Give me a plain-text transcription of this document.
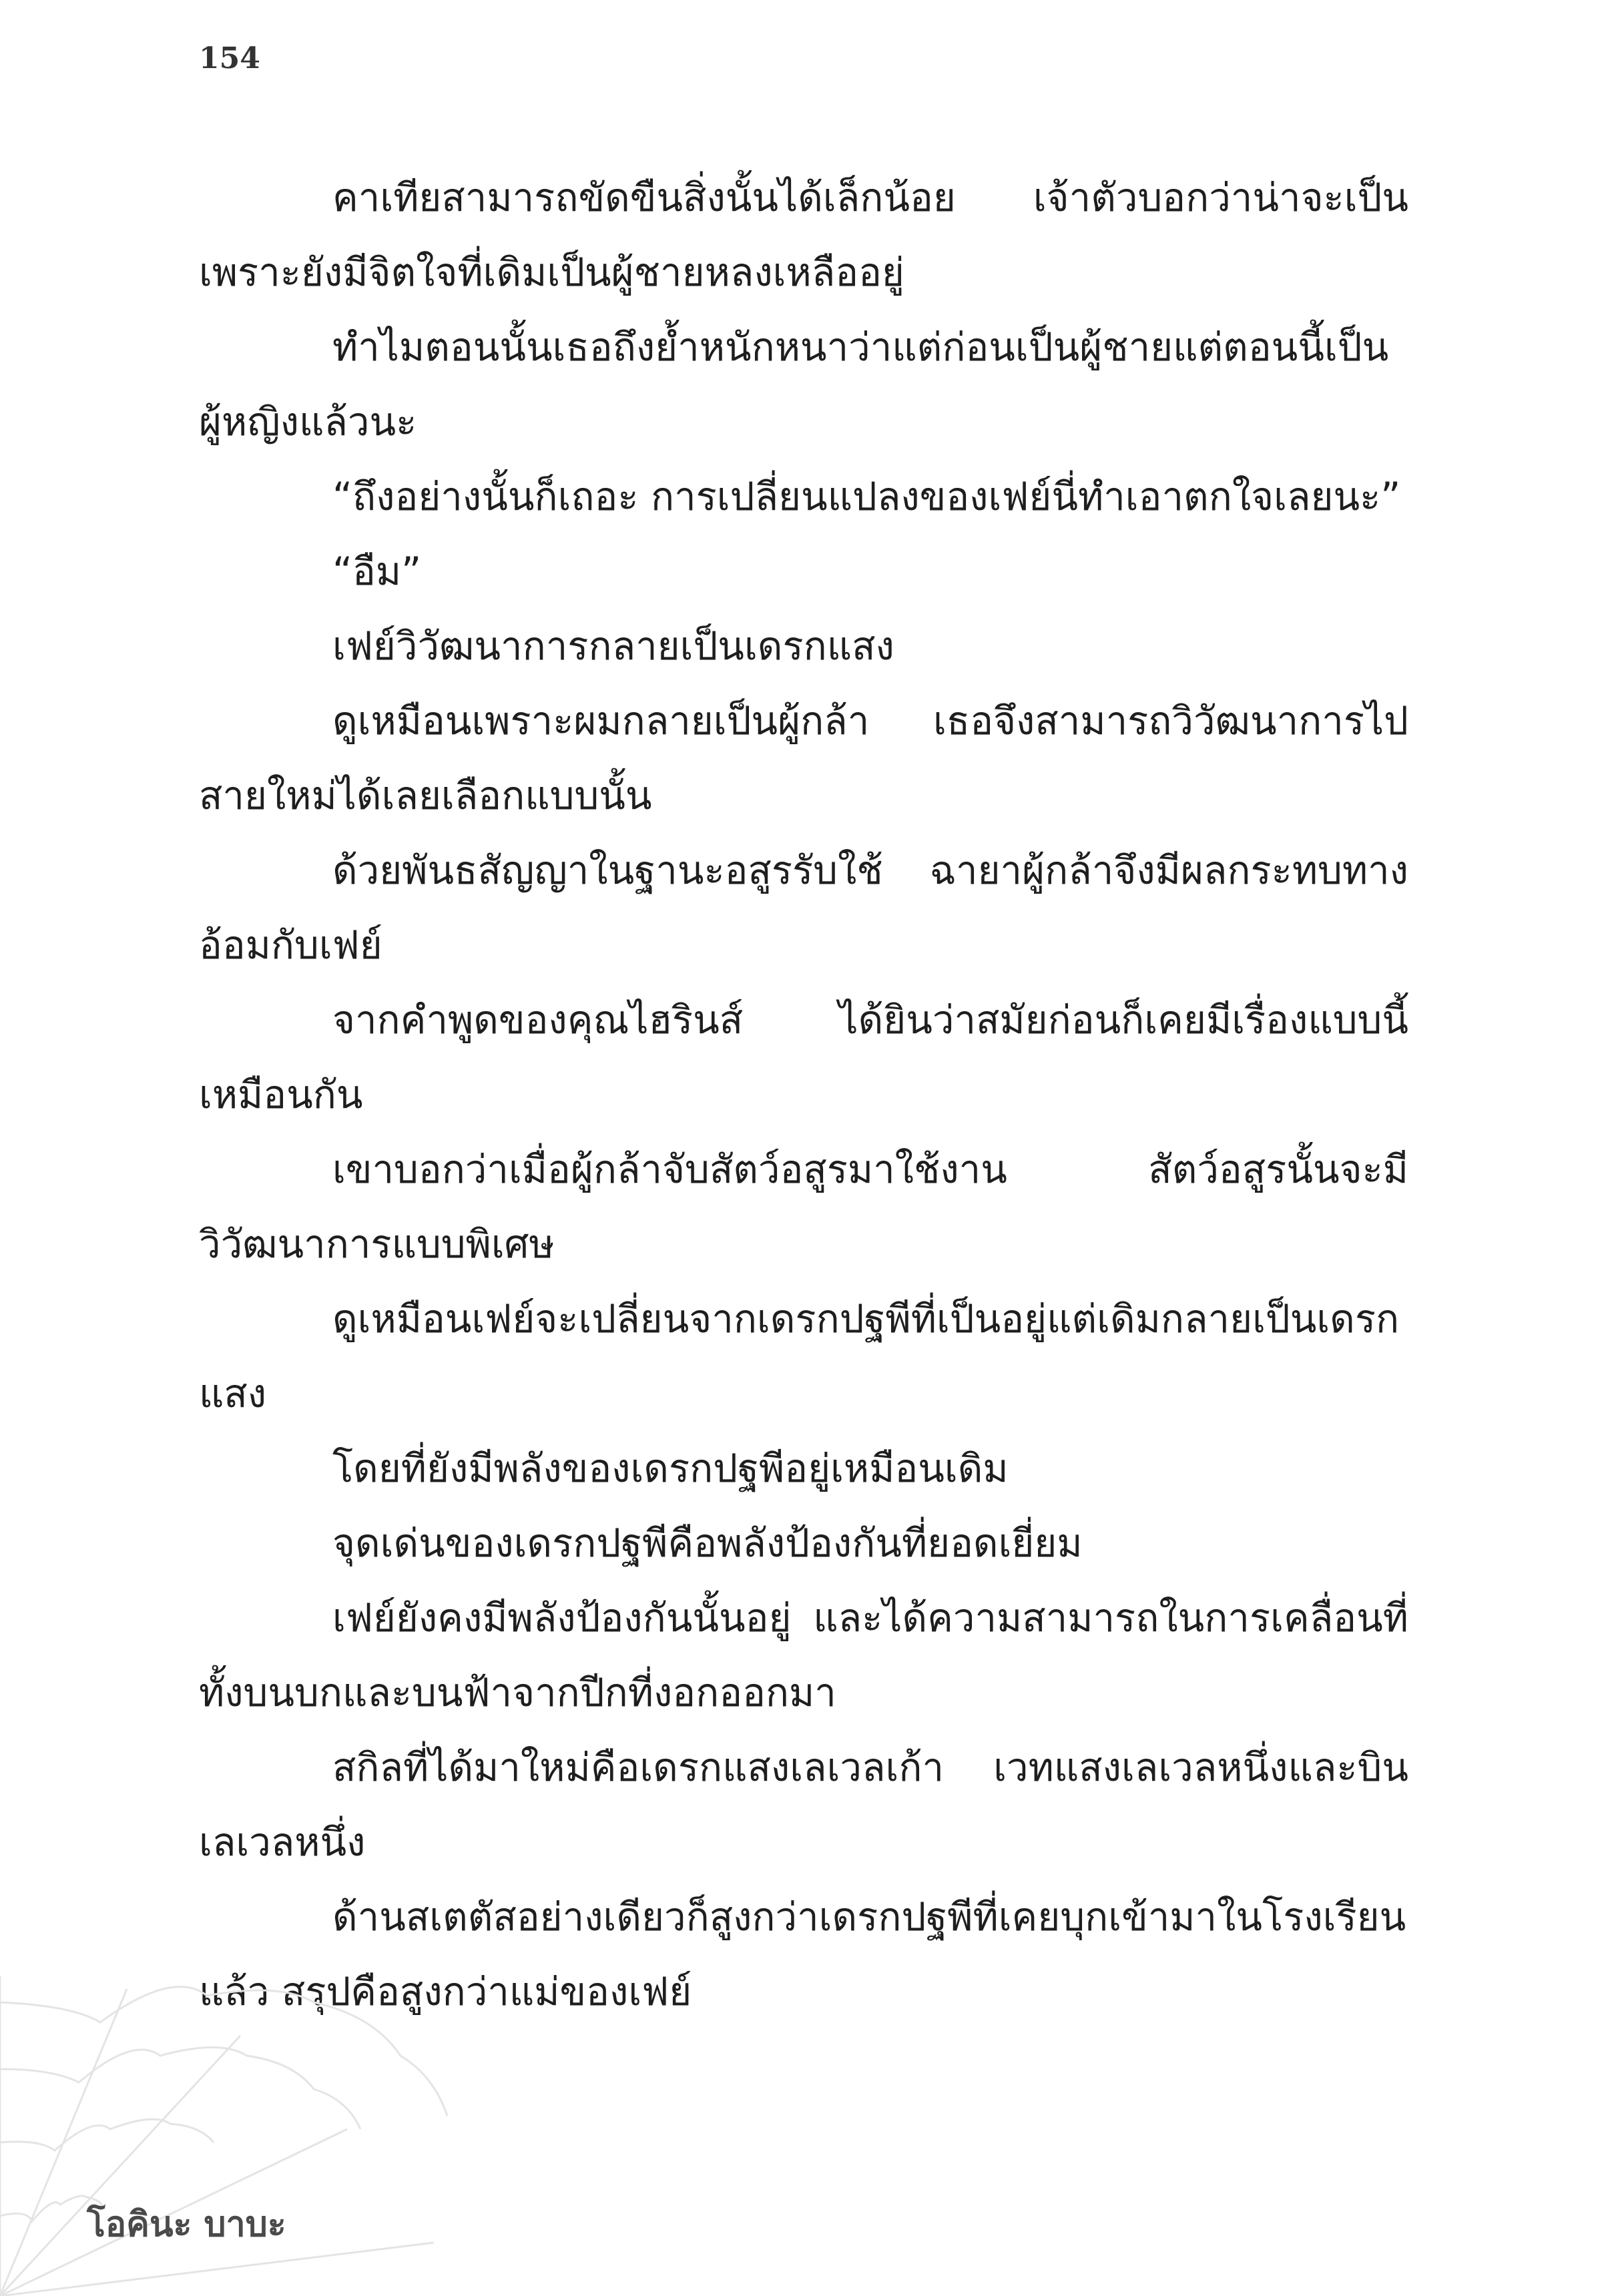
154

คาเทียสามารถขัดขืนสิ่งนั้นได้เล็กน้อย เจ้าตัวบอกว่าน่าจะเป็นเพราะยังมีจิตใจที่เดิมเป็นผู้ชายหลงเหลืออยู่

ทำไมตอนนั้นเธอถึงย้ำหนักหนาว่าแต่ก่อนเป็นผู้ชายแต่ตอนนี้เป็นผู้หญิงแล้วนะ

“ถึงอย่างนั้นก็เถอะ การเปลี่ยนแปลงของเฟย์นี่ทำเอาตกใจเลยนะ”

“อืม”

เฟย์วิวัฒนาการกลายเป็นเดรกแสง

ดูเหมือนเพราะผมกลายเป็นผู้กล้า เธอจึงสามารถวิวัฒนาการไปสายใหม่ได้เลยเลือกแบบนั้น

ด้วยพันธสัญญาในฐานะอสูรรับใช้ ฉายาผู้กล้าจึงมีผลกระทบทางอ้อมกับเฟย์

จากคำพูดของคุณไฮรินส์ ได้ยินว่าสมัยก่อนก็เคยมีเรื่องแบบนี้เหมือนกัน

เขาบอกว่าเมื่อผู้กล้าจับสัตว์อสูรมาใช้งาน สัตว์อสูรนั้นจะมีวิวัฒนาการแบบพิเศษ

ดูเหมือนเฟย์จะเปลี่ยนจากเดรกปฐพีที่เป็นอยู่แต่เดิมกลายเป็นเดรกแสง

โดยที่ยังมีพลังของเดรกปฐพีอยู่เหมือนเดิม

จุดเด่นของเดรกปฐพีคือพลังป้องกันที่ยอดเยี่ยม

เฟย์ยังคงมีพลังป้องกันนั้นอยู่ และได้ความสามารถในการเคลื่อนที่ทั้งบนบกและบนฟ้าจากปีกที่งอกออกมา

สกิลที่ได้มาใหม่คือเดรกแสงเลเวลเก้า เวทแสงเลเวลหนึ่งและบินเลเวลหนึ่ง

ด้านสเตตัสอย่างเดียวก็สูงกว่าเดรกปฐพีที่เคยบุกเข้ามาในโรงเรียนแล้ว สรุปคือสูงกว่าแม่ของเฟย์

โอคินะ บาบะ
